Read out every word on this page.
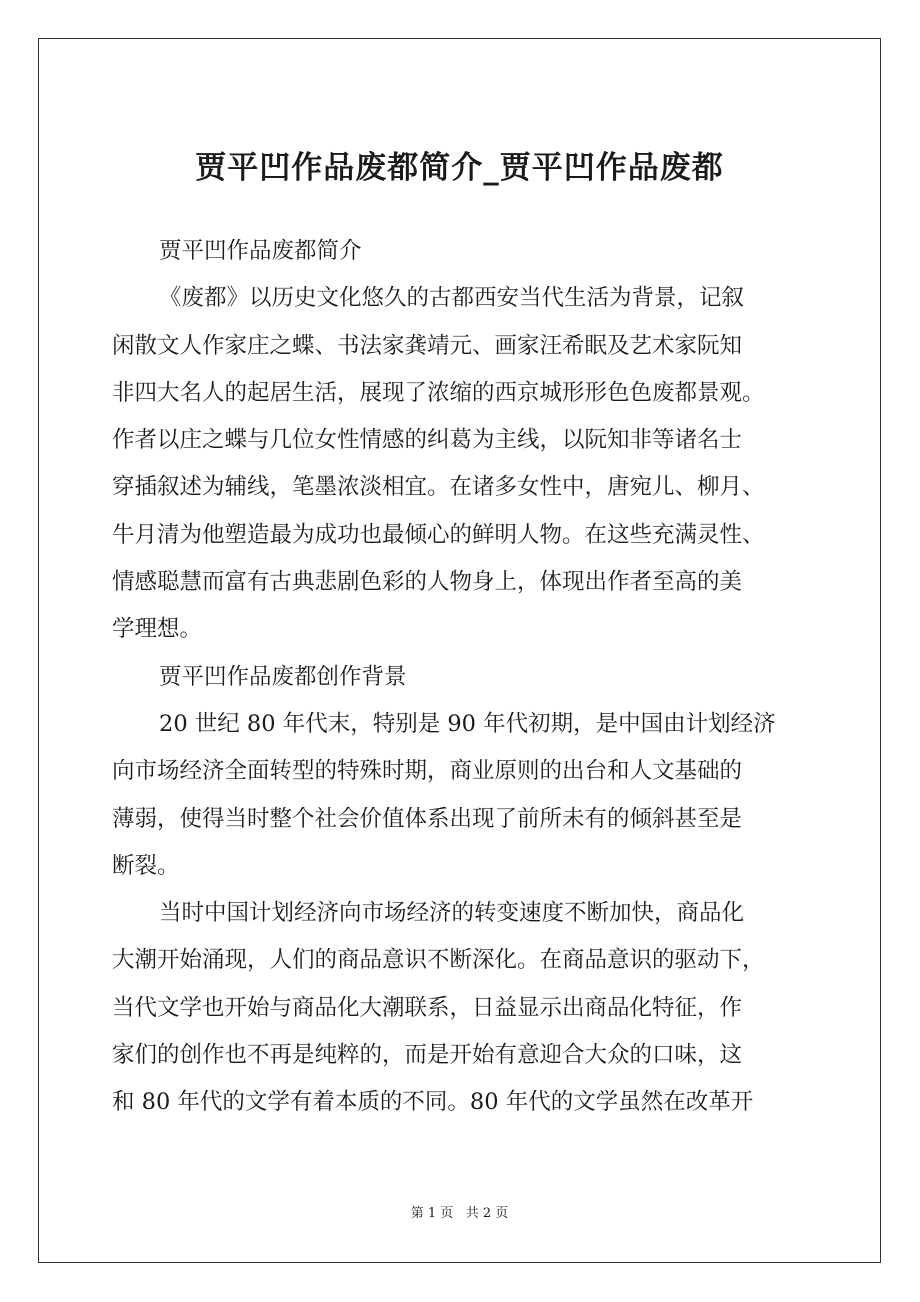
贾平凹作品废都简介_贾平凹作品废都
贾平凹作品废都简介
《废都》以历史文化悠久的古都西安当代生活为背景，记叙
闲散文人作家庄之蝶、书法家龚靖元、画家汪希眠及艺术家阮知
非四大名人的起居生活，展现了浓缩的西京城形形色色废都景观。
作者以庄之蝶与几位女性情感的纠葛为主线，以阮知非等诸名士
穿插叙述为辅线，笔墨浓淡相宜。在诸多女性中，唐宛儿、柳月、
牛月清为他塑造最为成功也最倾心的鲜明人物。在这些充满灵性、
情感聪慧而富有古典悲剧色彩的人物身上，体现出作者至高的美
学理想。
贾平凹作品废都创作背景
20 世纪 80 年代末，特别是 90 年代初期，是中国由计划经济
向市场经济全面转型的特殊时期，商业原则的出台和人文基础的
薄弱，使得当时整个社会价值体系出现了前所未有的倾斜甚至是
断裂。
当时中国计划经济向市场经济的转变速度不断加快，商品化
大潮开始涌现，人们的商品意识不断深化。在商品意识的驱动下，
当代文学也开始与商品化大潮联系，日益显示出商品化特征，作
家们的创作也不再是纯粹的，而是开始有意迎合大众的口味，这
和 80 年代的文学有着本质的不同。80 年代的文学虽然在改革开
第 1 页   共 2 页
